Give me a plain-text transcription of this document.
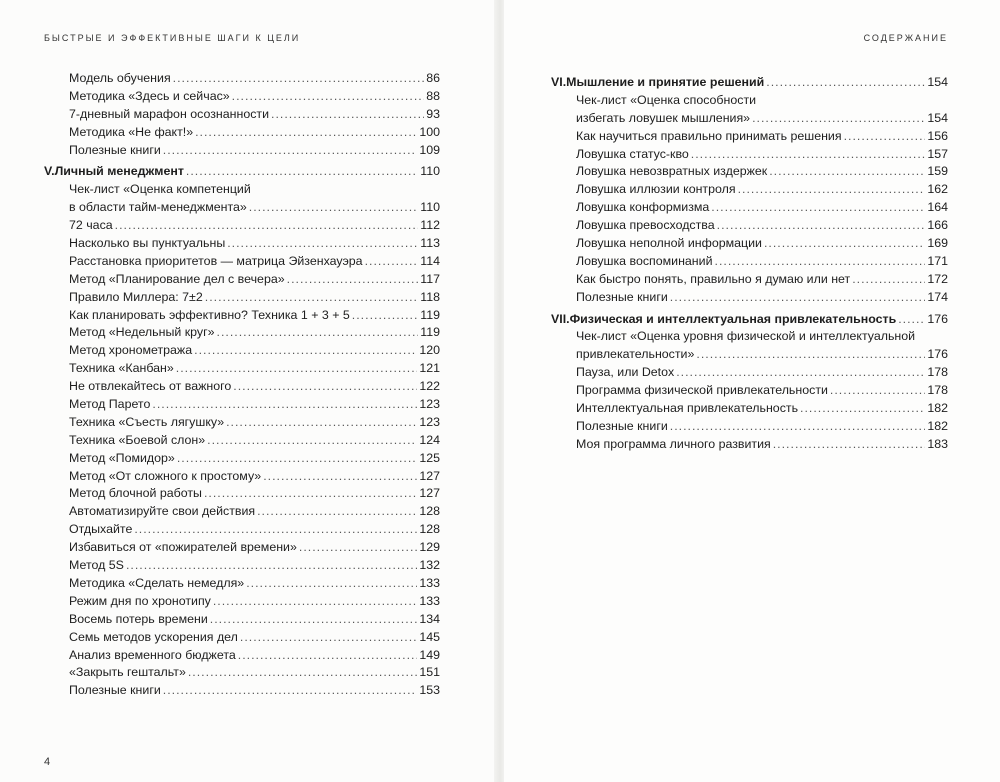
БЫСТРЫЕ И ЭФФЕКТИВНЫЕ ШАГИ К ЦЕЛИ
Модель обучения .....	86
Методика «Здесь и сейчас» .....	88
7-дневный марафон осознанности .....	93
Методика «Не факт!» .....	100
Полезные книги .....	109
V. Личный менеджмент .....	110
Чек-лист «Оценка компетенций
в области тайм-менеджмента» .....	110
72 часа .....	112
Насколько вы пунктуальны .....	113
Расстановка приоритетов — матрица Эйзенхауэра .....	114
Метод «Планирование дел с вечера» .....	117
Правило Миллера: 7±2 .....	118
Как планировать эффективно? Техника 1 + 3 + 5 .....	119
Метод «Недельный круг» .....	119
Метод хронометража .....	120
Техника «Канбан» .....	121
Не отвлекайтесь от важного .....	122
Метод Парето .....	123
Техника «Съесть лягушку» .....	123
Техника «Боевой слон» .....	124
Метод «Помидор» .....	125
Метод «От сложного к простому» .....	127
Метод блочной работы .....	127
Автоматизируйте свои действия .....	128
Отдыхайте .....	128
Избавиться от «пожирателей времени» .....	129
Метод 5S .....	132
Методика «Сделать немедля» .....	133
Режим дня по хронотипу .....	133
Восемь потерь времени .....	134
Семь методов ускорения дел .....	145
Анализ временного бюджета .....	149
«Закрыть гештальт» .....	151
Полезные книги .....	153
4
СОДЕРЖАНИЕ
VI. Мышление и принятие решений .....	154
Чек-лист «Оценка способности
избегать ловушек мышления» .....	154
Как научиться правильно принимать решения .....	156
Ловушка статус-кво .....	157
Ловушка невозвратных издержек .....	159
Ловушка иллюзии контроля .....	162
Ловушка конформизма .....	164
Ловушка превосходства .....	166
Ловушка неполной информации .....	169
Ловушка воспоминаний .....	171
Как быстро понять, правильно я думаю или нет .....	172
Полезные книги .....	174
VII. Физическая и интеллектуальная привлекательность .....	176
Чек-лист «Оценка уровня физической и интеллектуальной
привлекательности» .....	176
Пауза, или Detox .....	178
Программа физической привлекательности .....	178
Интеллектуальная привлекательность .....	182
Полезные книги .....	182
Моя программа личного развития .....	183
